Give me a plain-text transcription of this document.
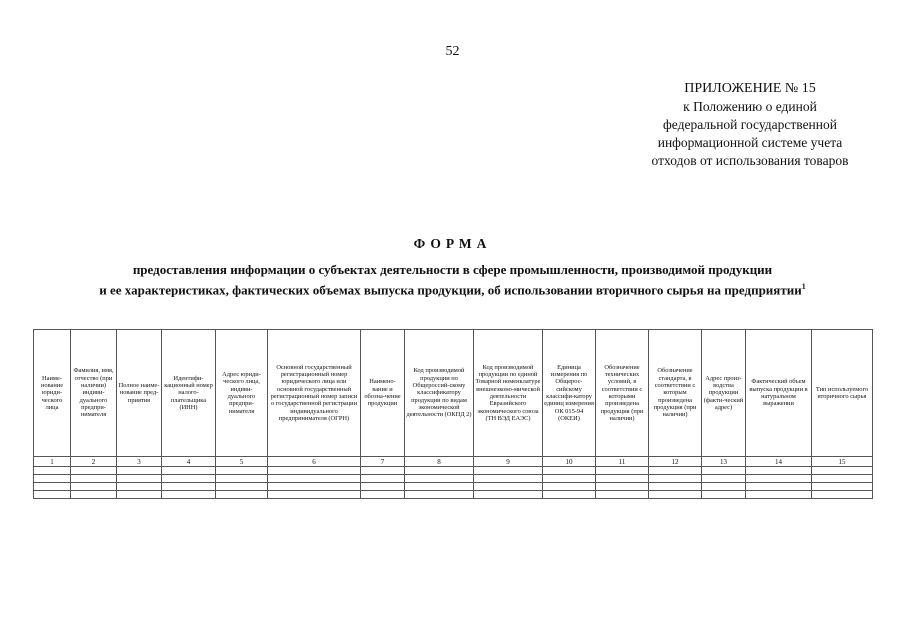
52
ПРИЛОЖЕНИЕ № 15
к Положению о единой
федеральной государственной
информационной системе учета
отходов от использования товаров
ФОРМА
предоставления информации о субъектах деятельности в сфере промышленности, производимой продукции
и ее характеристиках, фактических объемах выпуска продукции, об использовании вторичного сырья на предприятии$^1$
Наиме-нование юриди-ческого лица	Фамилия, имя, отчество (при наличии) индиви-дуального предпри-нимателя	Полное наиме-нование пред-приятия	Идентифи-кационный номер налого-плательщика (ИНН)	Адрес юриди-ческого лица, индиви-дуального предпри-нимателя	Основной государственный регистрационный номер юридического лица или основной государственный регистрационный номер записи о государственной регистрации индивидуального предпринимателя (ОГРН)	Наимено-вание и обозна-чение продукции	Код производимой продукции по Общероссий-скому классификатору продукции по видам экономической деятельности (ОКПД 2)	Код производимой продукции по единой Товарной номенклатуре внешнеэконо-мической деятельности Евразийского экономического союза (ТН ВЭД ЕАЭС)	Единица измерения по Общерос-сийскому классифи-катору единиц измерения ОК 015-94 (ОКЕИ)	Обозначение технических условий, в соответствии с которыми произведена продукция (при наличии)	Обозначение стандарта, в соответствии с которым произведена продукция (при наличии)	Адрес произ-водства продукции (факти-ческий адрес)	Фактический объем выпуска продукции в натуральном выражении	Тип используемого вторичного сырья
1	2	3	4	5	6	7	8	9	10	11	12	13	14	15
